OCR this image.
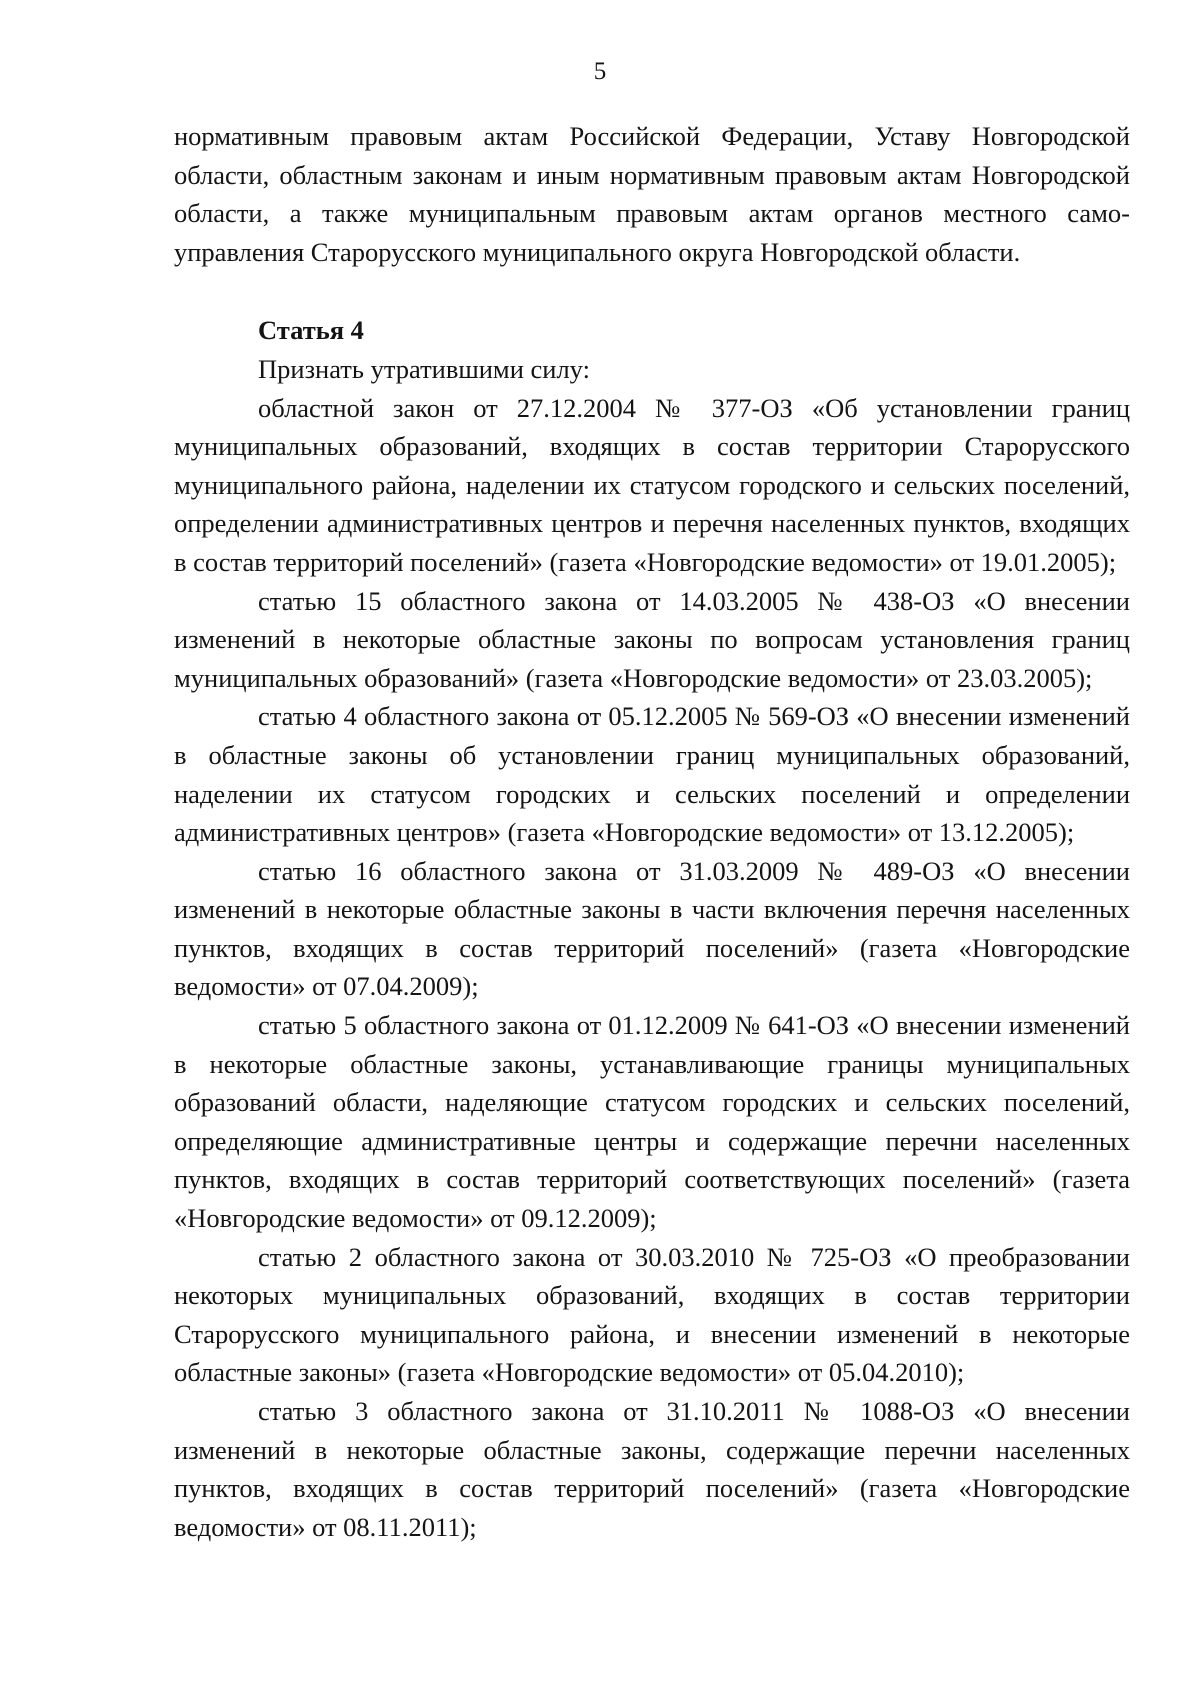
5

нормативным правовым актам Российской Федерации, Уставу Новгородской области, областным законам и иным нормативным правовым актам Новгородской области, а также муниципальным правовым актам органов местного самоуправления Старорусского муниципального округа Новгородской области.

Статья 4

Признать утратившими силу:

областной закон от 27.12.2004 № 377-ОЗ «Об установлении границ муниципальных образований, входящих в состав территории Старорусского муниципального района, наделении их статусом городского и сельских поселений, определении административных центров и перечня населенных пунктов, входящих в состав территорий поселений» (газета «Новгородские ведомости» от 19.01.2005);

статью 15 областного закона от 14.03.2005 № 438-ОЗ «О внесении изменений в некоторые областные законы по вопросам установления границ муниципальных образований» (газета «Новгородские ведомости» от 23.03.2005);

статью 4 областного закона от 05.12.2005 № 569-ОЗ «О внесении изменений в областные законы об установлении границ муниципальных образований, наделении их статусом городских и сельских поселений и определении административных центров» (газета «Новгородские ведомости» от 13.12.2005);

статью 16 областного закона от 31.03.2009 № 489-ОЗ «О внесении изменений в некоторые областные законы в части включения перечня населенных пунктов, входящих в состав территорий поселений» (газета «Новгородские ведомости» от 07.04.2009);

статью 5 областного закона от 01.12.2009 № 641-ОЗ «О внесении изменений в некоторые областные законы, устанавливающие границы муниципальных образований области, наделяющие статусом городских и сельских поселений, определяющие административные центры и содержащие перечни населенных пунктов, входящих в состав территорий соответствующих поселений» (газета «Новгородские ведомости» от 09.12.2009);

статью 2 областного закона от 30.03.2010 № 725-ОЗ «О преобразовании некоторых муниципальных образований, входящих в состав территории Старорусского муниципального района, и внесении изменений в некоторые областные законы» (газета «Новгородские ведомости» от 05.04.2010);

статью 3 областного закона от 31.10.2011 № 1088-ОЗ «О внесении изменений в некоторые областные законы, содержащие перечни населенных пунктов, входящих в состав территорий поселений» (газета «Новгородские ведомости» от 08.11.2011);
